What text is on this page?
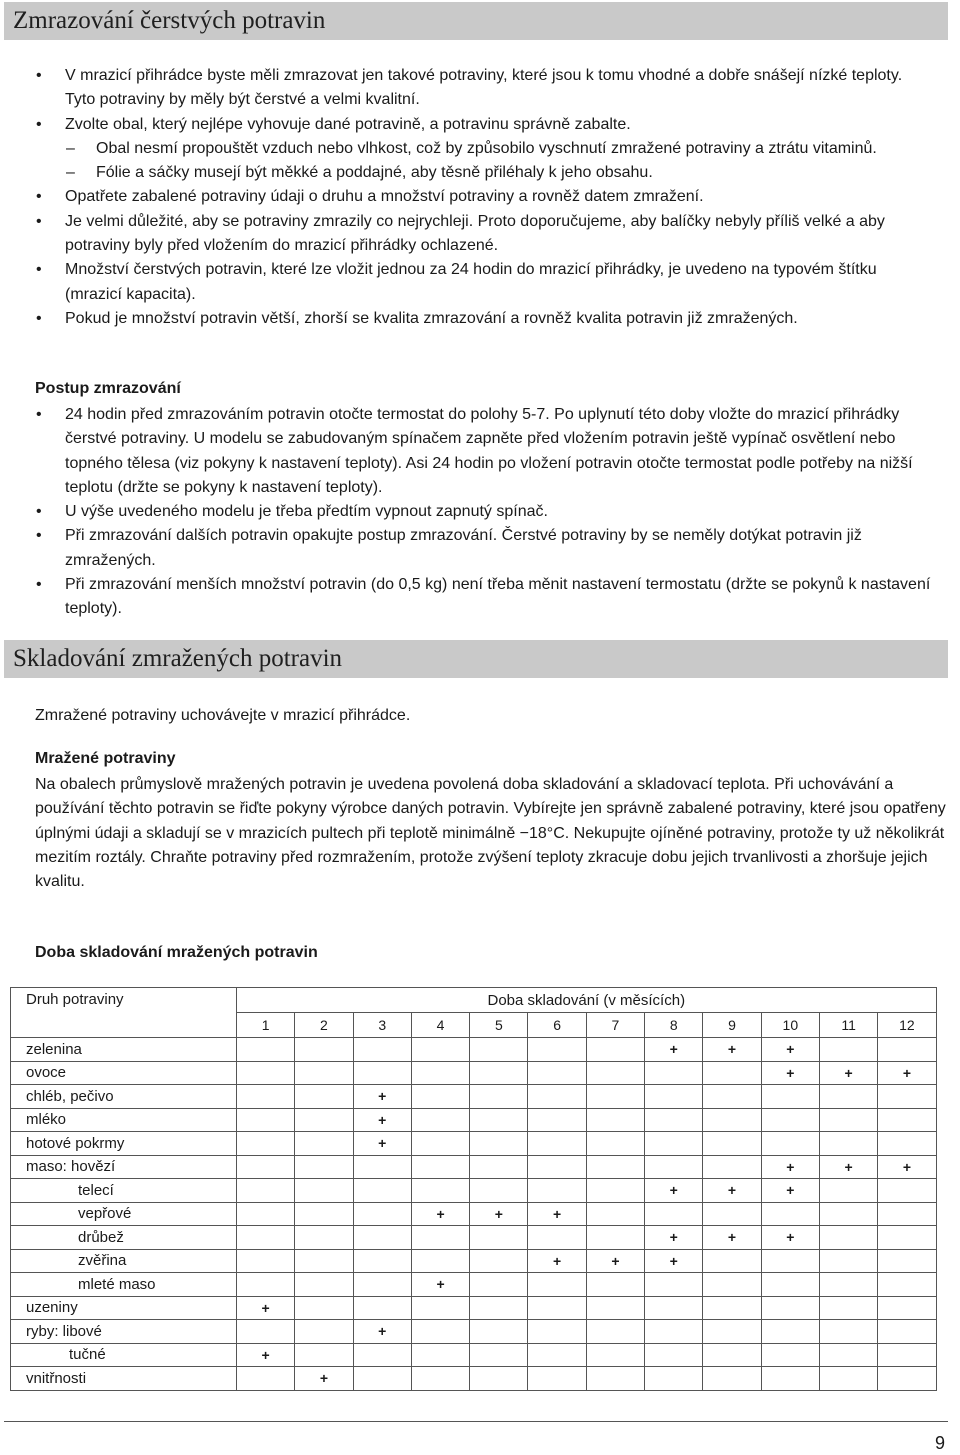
Zmrazování čerstvých potravin
• V mrazicí přihrádce byste měli zmrazovat jen takové potraviny, které jsou k tomu vhodné a dobře snášejí nízké teploty. Tyto potraviny by měly být čerstvé a velmi kvalitní.
• Zvolte obal, který nejlépe vyhovuje dané potravině, a potravinu správně zabalte.
– Obal nesmí propouštět vzduch nebo vlhkost, což by způsobilo vyschnutí zmražené potraviny a ztrátu vitaminů.
– Fólie a sáčky musejí být měkké a poddajné, aby těsně přiléhaly k jeho obsahu.
• Opatřete zabalené potraviny údaji o druhu a množství potraviny a rovněž datem zmražení.
• Je velmi důležité, aby se potraviny zmrazily co nejrychleji. Proto doporučujeme, aby balíčky nebyly příliš velké a aby potraviny byly před vložením do mrazicí přihrádky ochlazené.
• Množství čerstvých potravin, které lze vložit jednou za 24 hodin do mrazicí přihrádky, je uvedeno na typovém štítku (mrazicí kapacita).
• Pokud je množství potravin větší, zhorší se kvalita zmrazování a rovněž kvalita potravin již zmražených.

Postup zmrazování

• 24 hodin před zmrazováním potravin otočte termostat do polohy 5-7. Po uplynutí této doby vložte do mrazicí přihrádky čerstvé potraviny. U modelu se zabudovaným spínačem zapněte před vložením potravin ještě vypínač osvětlení nebo topného tělesa (viz pokyny k nastavení teploty). Asi 24 hodin po vložení potravin otočte termostat podle potřeby na nižší teplotu (držte se pokyny k nastavení teploty).
• U výše uvedeného modelu je třeba předtím vypnout zapnutý spínač.
• Při zmrazování dalších potravin opakujte postup zmrazování. Čerstvé potraviny by se neměly dotýkat potravin již zmražených.
• Při zmrazování menších množství potravin (do 0,5 kg) není třeba měnit nastavení termostatu (držte se pokynů k nastavení teploty).
Skladování zmražených potravin

Zmražené potraviny uchovávejte v mrazicí přihrádce.

Mražené potraviny

Na obalech průmyslově mražených potravin je uvedena povolená doba skladování a skladovací teplota. Při uchovávání a používání těchto potravin se řiďte pokyny výrobce daných potravin. Vybírejte jen správně zabalené potraviny, které jsou opatřeny úplnými údaji a skladují se v mrazicích pultech při teplotě minimálně −18°C. Nekupujte ojíněné potraviny, protože ty už několikrát mezitím roztály. Chraňte potraviny před rozmražením, protože zvýšení teploty zkracuje dobu jejich trvanlivosti a zhoršuje jejich kvalitu.

Doba skladování mražených potravin

Druh potraviny	Doba skladování (v měsících)											
	1	2	3	4	5	6	7	8	9	10	11	12
zelenina								+	+	+		
ovoce										+	+	+
chléb, pečivo			+									
mléko			+									
hotové pokrmy			+									
maso: hovězí										+	+	+
telecí								+	+	+		
vepřové				+	+	+						
drůbež								+	+	+		
zvěřina						+	+	+				
mleté maso				+								
uzeniny	+											
ryby: libové			+									
tučné	+											
vnitřnosti		+										
9
